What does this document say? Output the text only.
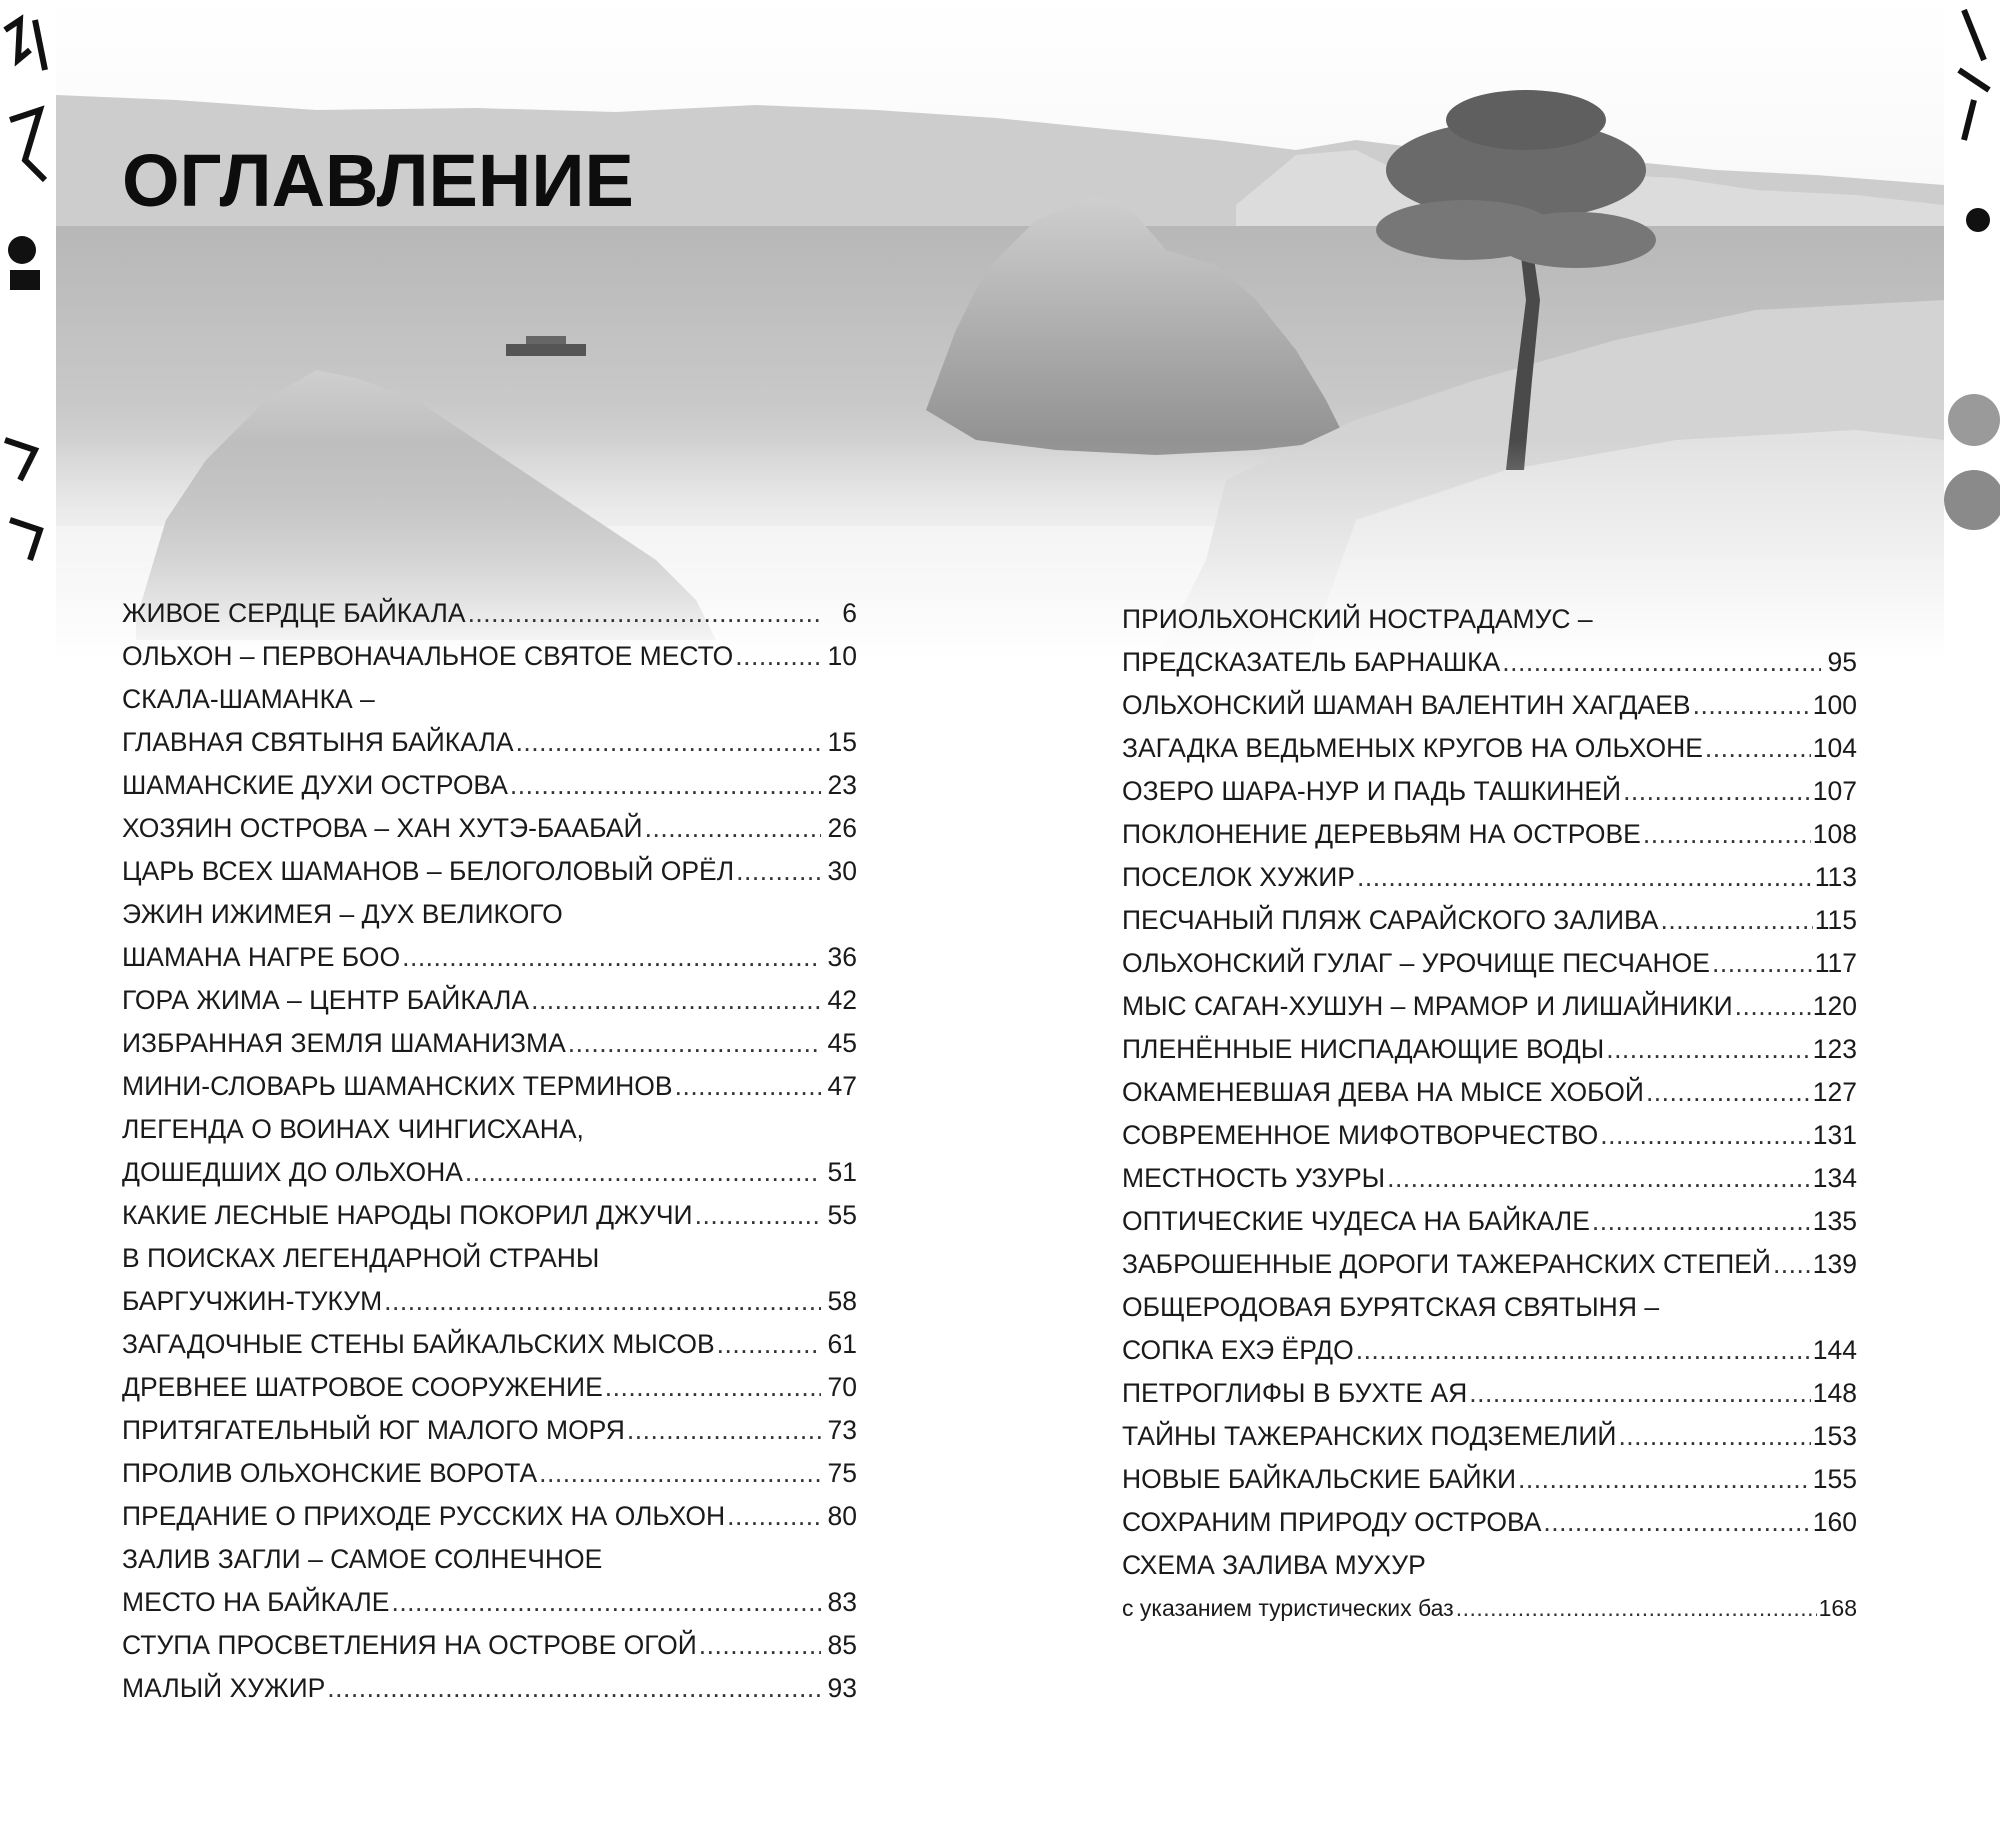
ОГЛАВЛЕНИЕ
ЖИВОЕ СЕРДЦЕ БАЙКАЛА .....	6
ОЛЬХОН – ПЕРВОНАЧАЛЬНОЕ СВЯТОЕ МЕСТО .....	10
СКАЛА-ШАМАНКА –
ГЛАВНАЯ СВЯТЫНЯ БАЙКАЛА .....	15
ШАМАНСКИЕ ДУХИ ОСТРОВА .....	23
ХОЗЯИН ОСТРОВА – ХАН ХУТЭ-БААБАЙ .....	26
ЦАРЬ ВСЕХ ШАМАНОВ – БЕЛОГОЛОВЫЙ ОРЁЛ .....	30
ЭЖИН ИЖИМЕЯ – ДУХ ВЕЛИКОГО
ШАМАНА НАГРЕ БОО .....	36
ГОРА ЖИМА – ЦЕНТР БАЙКАЛА .....	42
ИЗБРАННАЯ ЗЕМЛЯ ШАМАНИЗМА .....	45
МИНИ-СЛОВАРЬ ШАМАНСКИХ ТЕРМИНОВ .....	47
ЛЕГЕНДА О ВОИНАХ ЧИНГИСХАНА,
ДОШЕДШИХ ДО ОЛЬХОНА .....	51
КАКИЕ ЛЕСНЫЕ НАРОДЫ ПОКОРИЛ ДЖУЧИ .....	55
В ПОИСКАХ ЛЕГЕНДАРНОЙ СТРАНЫ
БАРГУЧЖИН-ТУКУМ .....	58
ЗАГАДОЧНЫЕ СТЕНЫ БАЙКАЛЬСКИХ МЫСОВ .....	61
ДРЕВНЕЕ ШАТРОВОЕ СООРУЖЕНИЕ .....	70
ПРИТЯГАТЕЛЬНЫЙ ЮГ МАЛОГО МОРЯ .....	73
ПРОЛИВ ОЛЬХОНСКИЕ ВОРОТА .....	75
ПРЕДАНИЕ О ПРИХОДЕ РУССКИХ НА ОЛЬХОН .....	80
ЗАЛИВ ЗАГЛИ – САМОЕ СОЛНЕЧНОЕ
МЕСТО НА БАЙКАЛЕ .....	83
СТУПА ПРОСВЕТЛЕНИЯ НА ОСТРОВЕ ОГОЙ .....	85
МАЛЫЙ ХУЖИР .....	93
ПРИОЛЬХОНСКИЙ НОСТРАДАМУС –
ПРЕДСКАЗАТЕЛЬ БАРНАШКА .....	95
ОЛЬХОНСКИЙ ШАМАН ВАЛЕНТИН ХАГДАЕВ .....	100
ЗАГАДКА ВЕДЬМЕНЫХ КРУГОВ НА ОЛЬХОНЕ .....	104
ОЗЕРО ШАРА-НУР И ПАДЬ ТАШКИНЕЙ .....	107
ПОКЛОНЕНИЕ ДЕРЕВЬЯМ НА ОСТРОВЕ .....	108
ПОСЕЛОК ХУЖИР .....	113
ПЕСЧАНЫЙ ПЛЯЖ САРАЙСКОГО ЗАЛИВА .....	115
ОЛЬХОНСКИЙ ГУЛАГ – УРОЧИЩЕ ПЕСЧАНОЕ .....	117
МЫС САГАН-ХУШУН – МРАМОР И ЛИШАЙНИКИ .....	120
ПЛЕНЁННЫЕ НИСПАДАЮЩИЕ ВОДЫ .....	123
ОКАМЕНЕВШАЯ ДЕВА НА МЫСЕ ХОБОЙ .....	127
СОВРЕМЕННОЕ МИФОТВОРЧЕСТВО .....	131
МЕСТНОСТЬ УЗУРЫ .....	134
ОПТИЧЕСКИЕ ЧУДЕСА НА БАЙКАЛЕ .....	135
ЗАБРОШЕННЫЕ ДОРОГИ ТАЖЕРАНСКИХ СТЕПЕЙ ..... 139
ОБЩЕРОДОВАЯ БУРЯТСКАЯ СВЯТЫНЯ –
СОПКА ЕХЭ ЁРДО .....	144
ПЕТРОГЛИФЫ В БУХТЕ АЯ .....	148
ТАЙНЫ ТАЖЕРАНСКИХ ПОДЗЕМЕЛИЙ .....	153
НОВЫЕ БАЙКАЛЬСКИЕ БАЙКИ .....	155
СОХРАНИМ ПРИРОДУ ОСТРОВА .....	160
СХЕМА ЗАЛИВА МУХУР
с указанием туристических баз .....	168
